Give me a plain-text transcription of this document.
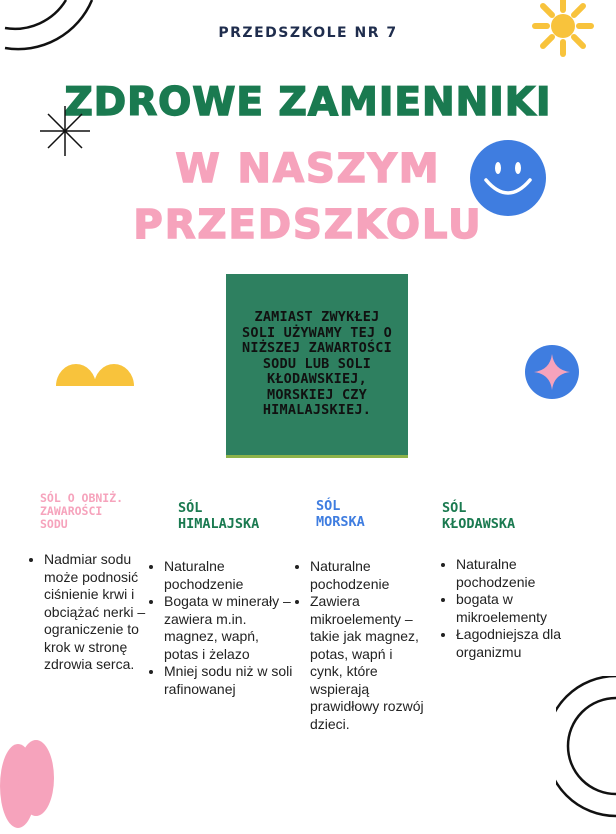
PRZEDSZKOLE NR 7
ZDROWE ZAMIENNIKI
W NASZYM
PRZEDSZKOLU
ZAMIAST ZWYKŁEJ SOLI UŻYWAMY TEJ O NIŻSZEJ ZAWARTOŚCI SODU LUB SOLI KŁODAWSKIEJ, MORSKIEJ CZY HIMALAJSKIEJ.
SÓL O OBNIŻ.
ZAWAROŚCI
SODU
• Nadmiar sodu może podnosić ciśnienie krwi i obciążać nerki – ograniczenie to krok w stronę zdrowia serca.
SÓL
HIMALAJSKA
• Naturalne pochodzenie
• Bogata w minerały – zawiera m.in. magnez, wapń, potas i żelazo
• Mniej sodu niż w soli rafinowanej
SÓL
MORSKA
• Naturalne pochodzenie
• Zawiera mikroelementy – takie jak magnez, potas, wapń i cynk, które wspierają prawidłowy rozwój dzieci.
SÓL
KŁODAWSKA
• Naturalne pochodzenie
• bogata w mikroelementy
• Łagodniejsza dla organizmu
